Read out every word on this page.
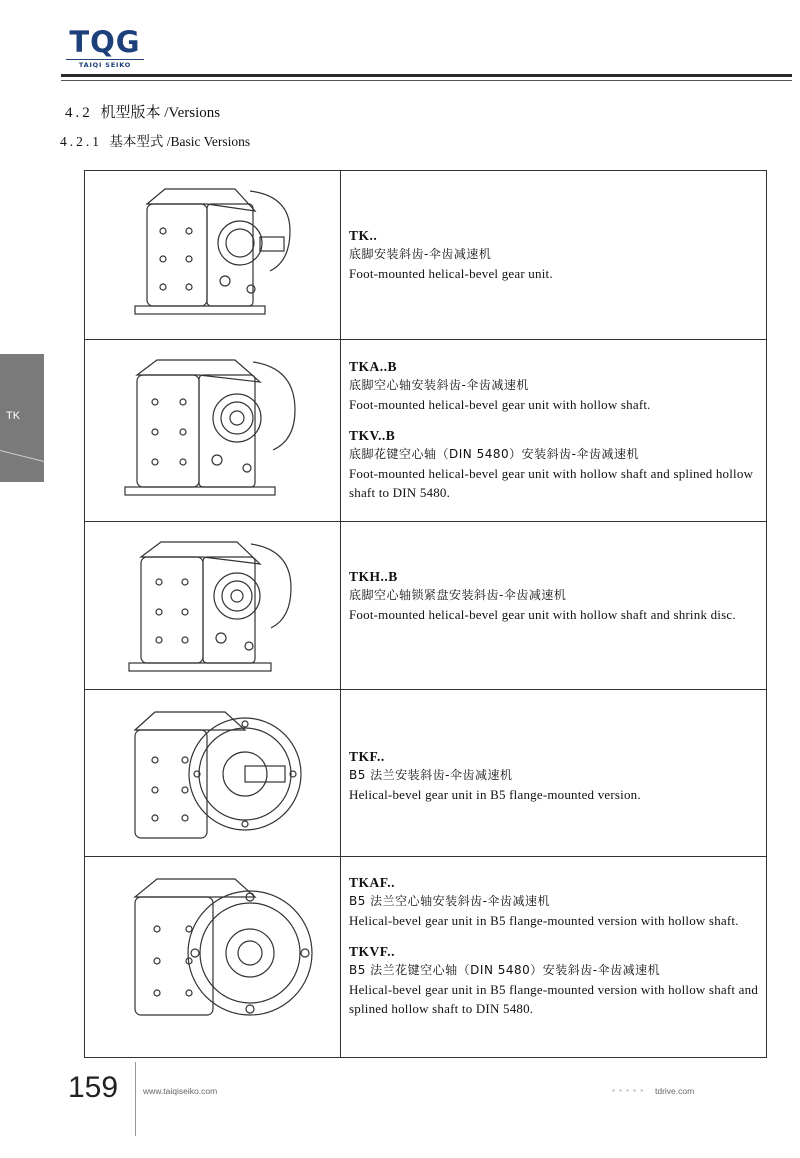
TQG
TAIQI SEIKO
4.2 机型版本 /Versions
4.2.1 基本型式 /Basic Versions
TK

TK..

底脚安装斜齿-伞齿减速机

Foot-mounted helical-bevel gear unit.

TKA..B

底脚空心轴安装斜齿-伞齿减速机

Foot-mounted helical-bevel gear unit with hollow shaft.

TKV..B

底脚花键空心轴（DIN 5480）安装斜齿-伞齿减速机

Foot-mounted helical-bevel gear unit with hollow shaft and splined hollow shaft to DIN 5480.

TKH..B

底脚空心轴锁紧盘安装斜齿-伞齿减速机

Foot-mounted helical-bevel gear unit with hollow shaft and shrink disc.

TKF..

B5 法兰安装斜齿-伞齿减速机

Helical-bevel gear unit in B5 flange-mounted version.

TKAF..

B5 法兰空心轴安装斜齿-伞齿减速机

Helical-bevel gear unit in B5 flange-mounted version with hollow shaft.

TKVF..

B5 法兰花键空心轴（DIN 5480）安装斜齿-伞齿减速机

Helical-bevel gear unit in B5 flange-mounted version with hollow shaft and splined hollow shaft to DIN 5480.

159	www.taiqiseiko.com	▪ ▪ ▪ ▪ ▪ tdrive.com
